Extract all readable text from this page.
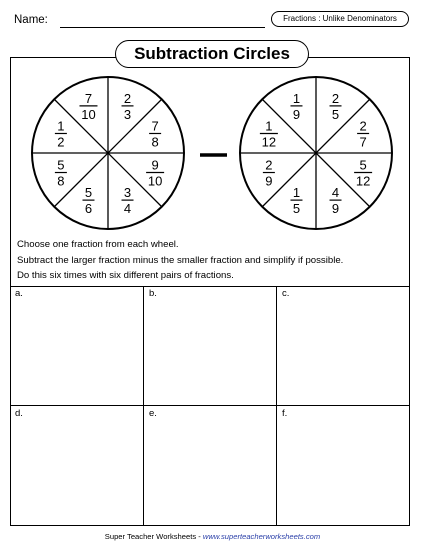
Name:	Fractions : Unlike Denominators
Subtraction Circles
2
3
7
8
9
10
3
4
5
6
5
8
1
2
7
10
2
5
2
7
5
12
4
9
1
5
2
9
1
12
1
9
Choose one fraction from each wheel.
Subtract the larger fraction minus the smaller fraction and simplify if possible.
Do this six times with six different pairs of fractions.
a.	b.	c.
d.	e.	f.
Super Teacher Worksheets - www.superteacherworksheets.com
